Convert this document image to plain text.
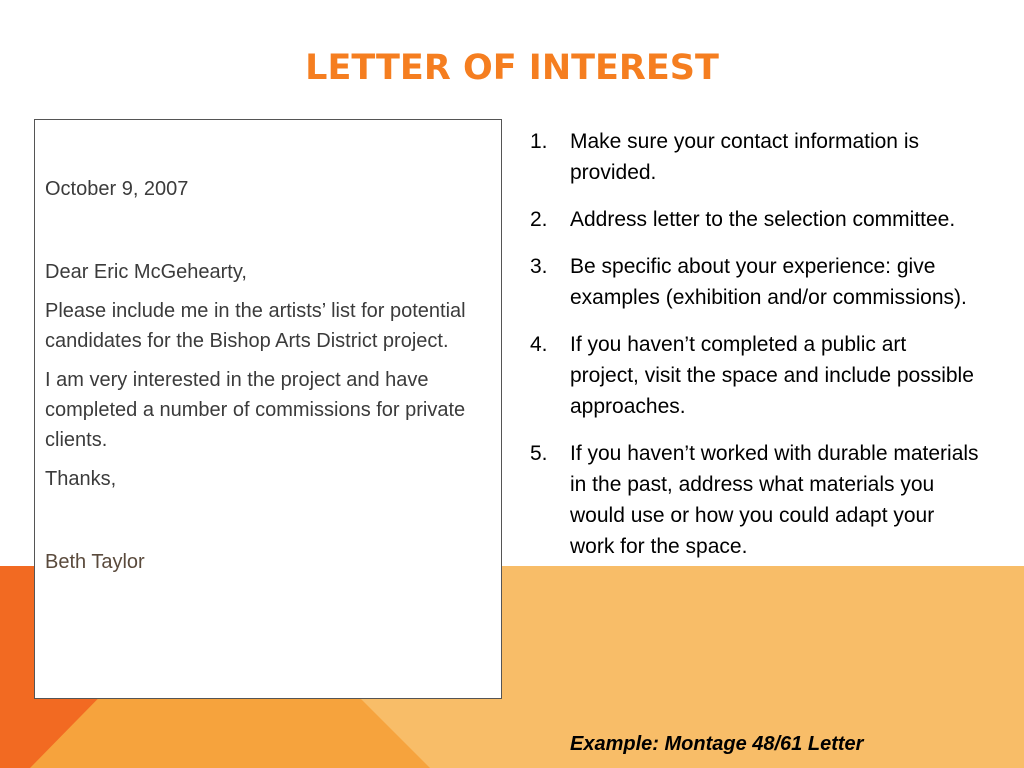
LETTER OF INTEREST

October 9, 2007

Dear Eric McGehearty,

Please include me in the artists’ list for potential candidates for the Bishop Arts District project.

I am very interested in the project and have completed a number of commissions for private clients.

Thanks,

Beth Taylor

1. Make sure your contact information is provided.
2. Address letter to the selection committee.
3. Be specific about your experience: give examples (exhibition and/or commissions).
4. If you haven’t completed a public art project, visit the space and include possible approaches.
5. If you haven’t worked with durable materials in the past, address what materials you would use or how you could adapt your work for the space.

Example: Montage 48/61 Letter
